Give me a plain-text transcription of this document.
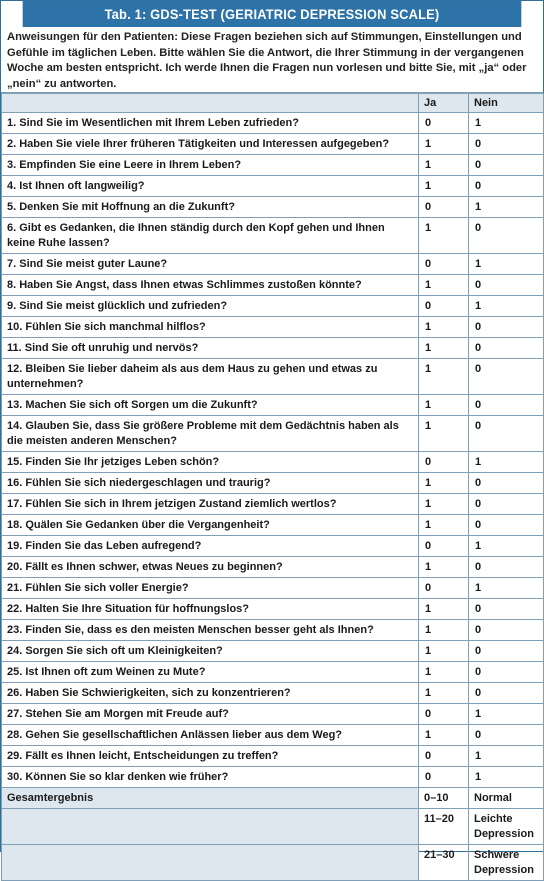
Tab. 1: GDS-TEST (GERIATRIC DEPRESSION SCALE)
Anweisungen für den Patienten: Diese Fragen beziehen sich auf Stimmungen, Einstellungen und Gefühle im täglichen Leben. Bitte wählen Sie die Antwort, die Ihrer Stimmung in der vergangenen Woche am besten entspricht. Ich werde Ihnen die Fragen nun vorlesen und bitte Sie, mit „ja“ oder „nein“ zu antworten.
	Ja	Nein
1. Sind Sie im Wesentlichen mit Ihrem Leben zufrieden?	0	1
2. Haben Sie viele Ihrer früheren Tätigkeiten und Interessen aufgegeben?	1	0
3. Empfinden Sie eine Leere in Ihrem Leben?	1	0
4. Ist Ihnen oft langweilig?	1	0
5. Denken Sie mit Hoffnung an die Zukunft?	0	1
6. Gibt es Gedanken, die Ihnen ständig durch den Kopf gehen und Ihnen keine Ruhe lassen?	1	0
7. Sind Sie meist guter Laune?	0	1
8. Haben Sie Angst, dass Ihnen etwas Schlimmes zustoßen könnte?	1	0
9. Sind Sie meist glücklich und zufrieden?	0	1
10. Fühlen Sie sich manchmal hilflos?	1	0
11. Sind Sie oft unruhig und nervös?	1	0
12. Bleiben Sie lieber daheim als aus dem Haus zu gehen und etwas zu unternehmen?	1	0
13. Machen Sie sich oft Sorgen um die Zukunft?	1	0
14. Glauben Sie, dass Sie größere Probleme mit dem Gedächtnis haben als die meisten anderen Menschen?	1	0
15. Finden Sie Ihr jetziges Leben schön?	0	1
16. Fühlen Sie sich niedergeschlagen und traurig?	1	0
17. Fühlen Sie sich in Ihrem jetzigen Zustand ziemlich wertlos?	1	0
18. Quälen Sie Gedanken über die Vergangenheit?	1	0
19. Finden Sie das Leben aufregend?	0	1
20. Fällt es Ihnen schwer, etwas Neues zu beginnen?	1	0
21. Fühlen Sie sich voller Energie?	0	1
22. Halten Sie Ihre Situation für hoffnungslos?	1	0
23. Finden Sie, dass es den meisten Menschen besser geht als Ihnen?	1	0
24. Sorgen Sie sich oft um Kleinigkeiten?	1	0
25. Ist Ihnen oft zum Weinen zu Mute?	1	0
26. Haben Sie Schwierigkeiten, sich zu konzentrieren?	1	0
27. Stehen Sie am Morgen mit Freude auf?	0	1
28. Gehen Sie gesellschaftlichen Anlässen lieber aus dem Weg?	1	0
29. Fällt es Ihnen leicht, Entscheidungen zu treffen?	0	1
30. Können Sie so klar denken wie früher?	0	1
Gesamtergebnis	0–10	Normal
	11–20	Leichte Depression
	21–30	Schwere Depression
